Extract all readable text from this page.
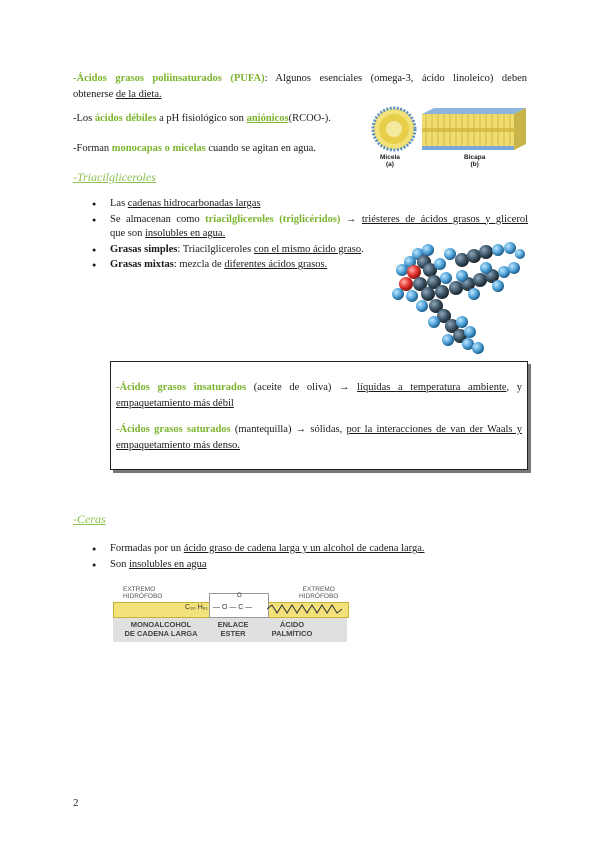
-Ácidos grasos poliinsaturados (PUFA): Algunos esenciales (omega-3, ácido linoleico) deben
obtenerse de la dieta.
-Los ácidos débiles a pH fisiológico son aniónicos(RCOO-).
-Forman monocapas o micelas cuando se agitan en agua.
Micela
(a)
Bicapa
(b)
-Triacilgliceroles
● Las cadenas hidrocarbonadas largas
● Se almacenan como triacilgliceroles (triglicéridos) → triésteres de ácidos grasos y glicerol
que son insolubles en agua.
● Grasas simples: Triacilgliceroles con el mismo ácido graso.
● Grasas mixtas: mezcla de diferentes ácidos grasos.
-Ácidos grasos insaturados (aceite de oliva) → líquidas a temperatura ambiente, y
empaquetamiento más débil
-Ácidos grasos saturados (mantequilla) → sólidas, por la interacciones de van der Waals y
empaquetamiento más denso.
-Ceras
● Formadas por un ácido graso de cadena larga y un alcohol de cadena larga.
● Son insolubles en agua
EXTREMO
HIDRÓFOBO
EXTREMO
HIDRÓFOBO
C₃₀ H₆₁
O
— O — C —
MONOALCOHOL
DE CADENA LARGA
ENLACE
ESTER
ÁCIDO
PALMÍTICO
2
